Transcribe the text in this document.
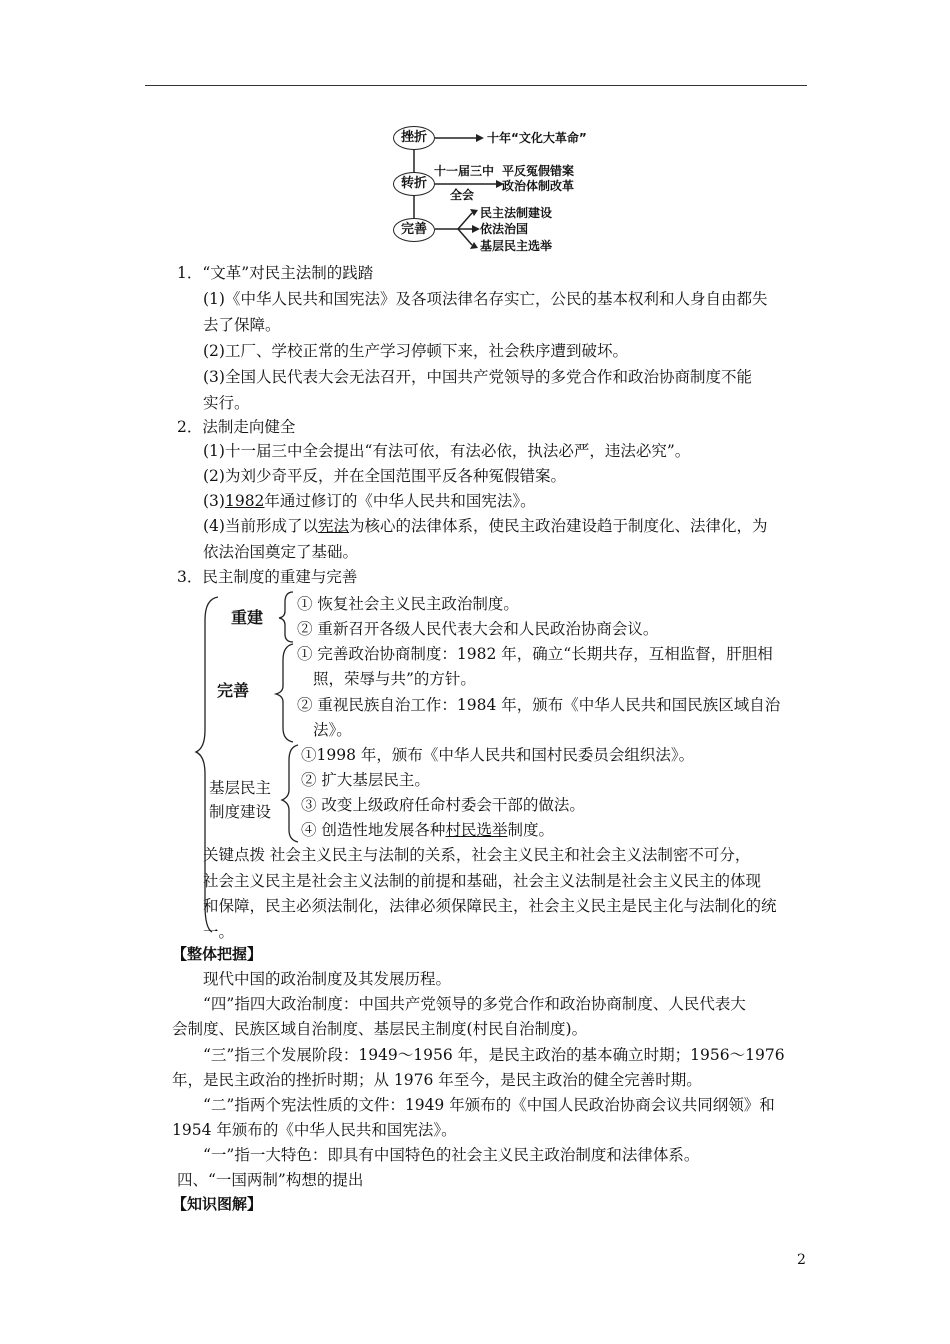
挫折
转折
完善
十年“文化大革命”
十一届三中
全会
平反冤假错案
政治体制改革
民主法制建设
依法治国
基层民主选举
1．“文革”对民主法制的践踏
(1)《中华人民共和国宪法》及各项法律名存实亡，公民的基本权利和人身自由都失
去了保障。
(2)工厂、学校正常的生产学习停顿下来，社会秩序遭到破坏。
(3)全国人民代表大会无法召开，中国共产党领导的多党合作和政治协商制度不能
实行。
2．法制走向健全
(1)十一届三中全会提出“有法可依，有法必依，执法必严，违法必究”。
(2)为刘少奇平反，并在全国范围平反各种冤假错案。
(3)1982年通过修订的《中华人民共和国宪法》。
(4)当前形成了以宪法为核心的法律体系，使民主政治建设趋于制度化、法律化，为
依法治国奠定了基础。
3．民主制度的重建与完善
重建
① 恢复社会主义民主政治制度。
② 重新召开各级人民代表大会和人民政治协商会议。
完善
① 完善政治协商制度：1982 年，确立“长期共存，互相监督，肝胆相
照，荣辱与共”的方针。
② 重视民族自治工作：1984 年，颁布《中华人民共和国民族区域自治
法》。
基层民主
制度建设
①1998 年，颁布《中华人民共和国村民委员会组织法》。
② 扩大基层民主。
③ 改变上级政府任命村委会干部的做法。
④ 创造性地发展各种村民选举制度。
关键点拨 社会主义民主与法制的关系，社会主义民主和社会主义法制密不可分，
社会主义民主是社会主义法制的前提和基础，社会主义法制是社会主义民主的体现
和保障，民主必须法制化，法律必须保障民主，社会主义民主是民主化与法制化的统
一。
【整体把握】
现代中国的政治制度及其发展历程。
“四”指四大政治制度：中国共产党领导的多党合作和政治协商制度、人民代表大
会制度、民族区域自治制度、基层民主制度(村民自治制度)。
“三”指三个发展阶段：1949～1956 年，是民主政治的基本确立时期；1956～1976
年，是民主政治的挫折时期；从 1976 年至今，是民主政治的健全完善时期。
“二”指两个宪法性质的文件：1949 年颁布的《中国人民政治协商会议共同纲领》和
1954 年颁布的《中华人民共和国宪法》。
“一”指一大特色：即具有中国特色的社会主义民主政治制度和法律体系。
四、“一国两制”构想的提出
【知识图解】
2
